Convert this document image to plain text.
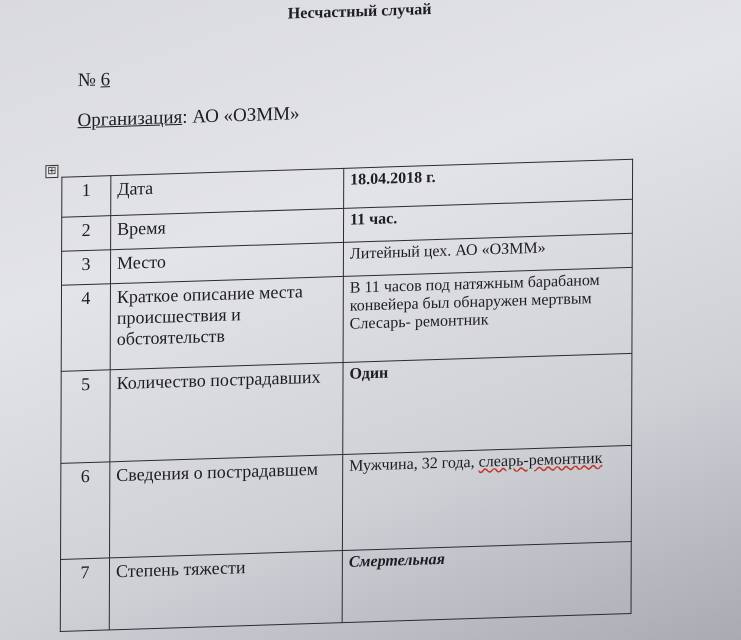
Несчастный случай
№ 6
Организация: АО «ОЗММ»
⊞
1	Дата	18.04.2018 г.
2	Время	11 час.
3	Место	Литейный цех. АО «ОЗММ»
4	Краткое описание места происшествия и обстоятельств	В 11 часов под натяжным барабаном конвейера был обнаружен мертвым Слесарь- ремонтник
5	Количество пострадавших	Один
6	Сведения о пострадавшем	Мужчина, 32 года, слеарь-ремонтник
7	Степень тяжести	Смертельная
